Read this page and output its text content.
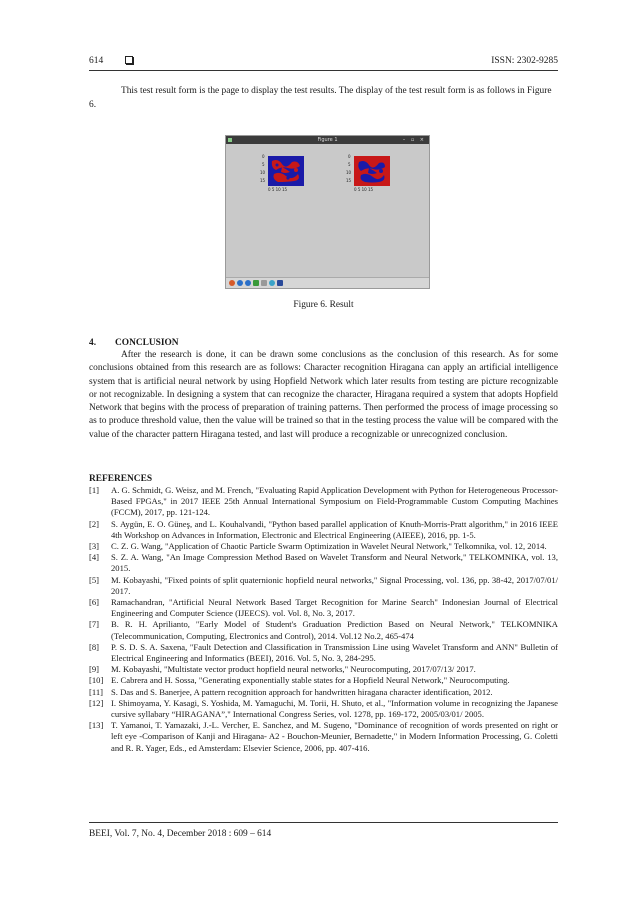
614	ISSN: 2302-9285

This test result form is the page to display the test results. The display of the test result form is as follows in Figure 6.

Figure 1	– ▫ ×
0
5
10
15
0 5 10 15
0
5
10
15
0 5 10 15
Figure 6. Result
4. CONCLUSION

After the research is done, it can be drawn some conclusions as the conclusion of this research. As for some conclusions obtained from this research are as follows: Character recognition Hiragana can apply an artificial intelligence system that is artificial neural network by using Hopfield Network which later results from testing are picture recognizable or not recognizable. In designing a system that can recognize the character, Hiragana required a system that adopts Hopfield Network that begins with the process of preparation of training patterns. Then performed the process of image processing so as to produce threshold value, then the value will be trained so that in the testing process the value will be compared with the value of the character pattern Hiragana tested, and last will produce a recognizable or unrecognized conclusion.

REFERENCES
[1] A. G. Schmidt, G. Weisz, and M. French, "Evaluating Rapid Application Development with Python for Heterogeneous Processor-Based FPGAs," in 2017 IEEE 25th Annual International Symposium on Field-Programmable Custom Computing Machines (FCCM), 2017, pp. 121-124.
[2] S. Aygün, E. O. Güneş, and L. Kouhalvandi, "Python based parallel application of Knuth-Morris-Pratt algorithm," in 2016 IEEE 4th Workshop on Advances in Information, Electronic and Electrical Engineering (AIEEE), 2016, pp. 1-5.
[3] C. Z. G. Wang, "Application of Chaotic Particle Swarm Optimization in Wavelet Neural Network," Telkomnika, vol. 12, 2014.
[4] S. Z. A. Wang, "An Image Compression Method Based on Wavelet Transform and Neural Network," TELKOMNIKA, vol. 13, 2015.
[5] M. Kobayashi, "Fixed points of split quaternionic hopfield neural networks," Signal Processing, vol. 136, pp. 38-42, 2017/07/01/ 2017.
[6] Ramachandran, "Artificial Neural Network Based Target Recognition for Marine Search" Indonesian Journal of Electrical Engineering and Computer Science (IJEECS). vol. Vol. 8, No. 3, 2017.
[7] B. R. H. Aprilianto, "Early Model of Student's Graduation Prediction Based on Neural Network," TELKOMNIKA (Telecommunication, Computing, Electronics and Control), 2014. Vol.12 No.2, 465-474
[8] P. S. D. S. A. Saxena, "Fault Detection and Classification in Transmission Line using Wavelet Transform and ANN" Bulletin of Electrical Engineering and Informatics (BEEI), 2016. Vol. 5, No. 3, 284-295.
[9] M. Kobayashi, "Multistate vector product hopfield neural networks," Neurocomputing, 2017/07/13/ 2017.
[10] E. Cabrera and H. Sossa, "Generating exponentially stable states for a Hopfield Neural Network," Neurocomputing.
[11] S. Das and S. Banerjee, A pattern recognition approach for handwritten hiragana character identification, 2012.
[12] I. Shimoyama, Y. Kasagi, S. Yoshida, M. Yamaguchi, M. Torii, H. Shuto, et al., "Information volume in recognizing the Japanese cursive syllabary “HIRAGANA”," International Congress Series, vol. 1278, pp. 169-172, 2005/03/01/ 2005.
[13] T. Yamanoi, T. Yamazaki, J.-L. Vercher, E. Sanchez, and M. Sugeno, "Dominance of recognition of words presented on right or left eye -Comparison of Kanji and Hiragana- A2 - Bouchon-Meunier, Bernadette," in Modern Information Processing, G. Coletti and R. R. Yager, Eds., ed Amsterdam: Elsevier Science, 2006, pp. 407-416.
BEEI, Vol. 7, No. 4, December 2018 : 609 – 614
